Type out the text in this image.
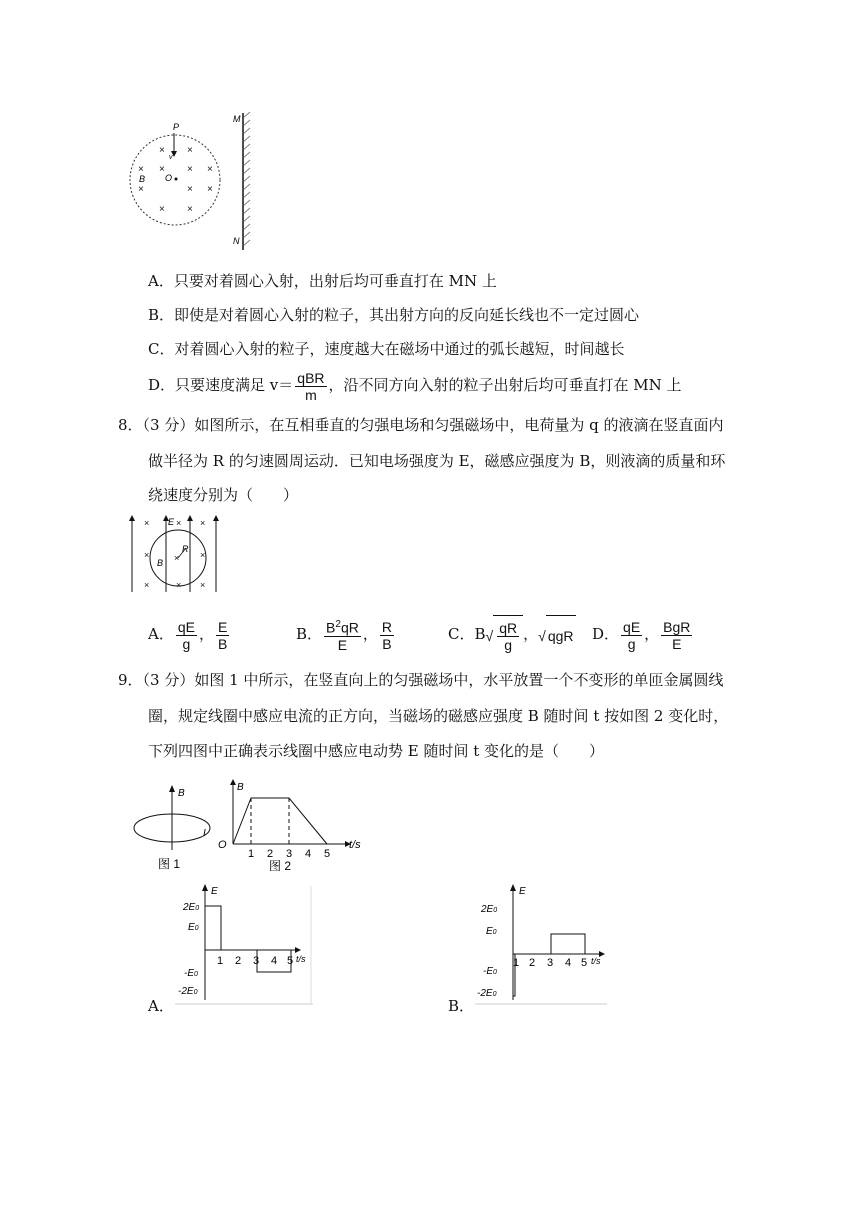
P
v
B O
× ×
× × × ×
×	× ×
× ×
M
N
A．只要对着圆心入射，出射后均可垂直打在 MN 上
B．即使是对着圆心入射的粒子，其出射方向的反向延长线也不一定过圆心
C．对着圆心入射的粒子，速度越大在磁场中通过的弧长越短，时间越长
D．只要速度满足 $v= \frac{\text{qBR}}{m}$ ，沿不同方向入射的粒子出射后均可垂直打在 MN 上
8．（3 分）如图所示，在互相垂直的匀强电场和匀强磁场中，电荷量为 q 的液滴在竖直面内
做半径为 R 的匀速圆周运动．已知电场强度为 E，磁感应强度为 B，则液滴的质量和环
绕速度分别为（　　）
E
R
B
×	× ×
×	×
×
×	× ×
A． $\frac{qE}{g}$ ， $\frac{E}{B}$	B． $\frac{B^2qR}{E}$ ， $\frac{R}{B}$	C．$B√ \frac{qR}{g}$ ，√ qgR D． $\frac{qE}{g}$ ， $\frac{\text{BgR}}{E}$
9．（3 分）如图 1 中所示，在竖直向上的匀强磁场中，水平放置一个不变形的单匝金属圆线
圈，规定线圈中感应电流的正方向，当磁场的磁感应强度 B 随时间 t 按如图 2 变化时，
下列四图中正确表示线圈中感应电动势 E 随时间 t 变化的是（　　）
B
I
图 1
B
O
1 2 3 4 5
t/s
图 2
E
2E0
E0
-E0
-2E0
1 2 3 4 5 t/s
A．
E
2E0
E0
-E0
-2E0
1 2 3 4 5 t/s
B．
